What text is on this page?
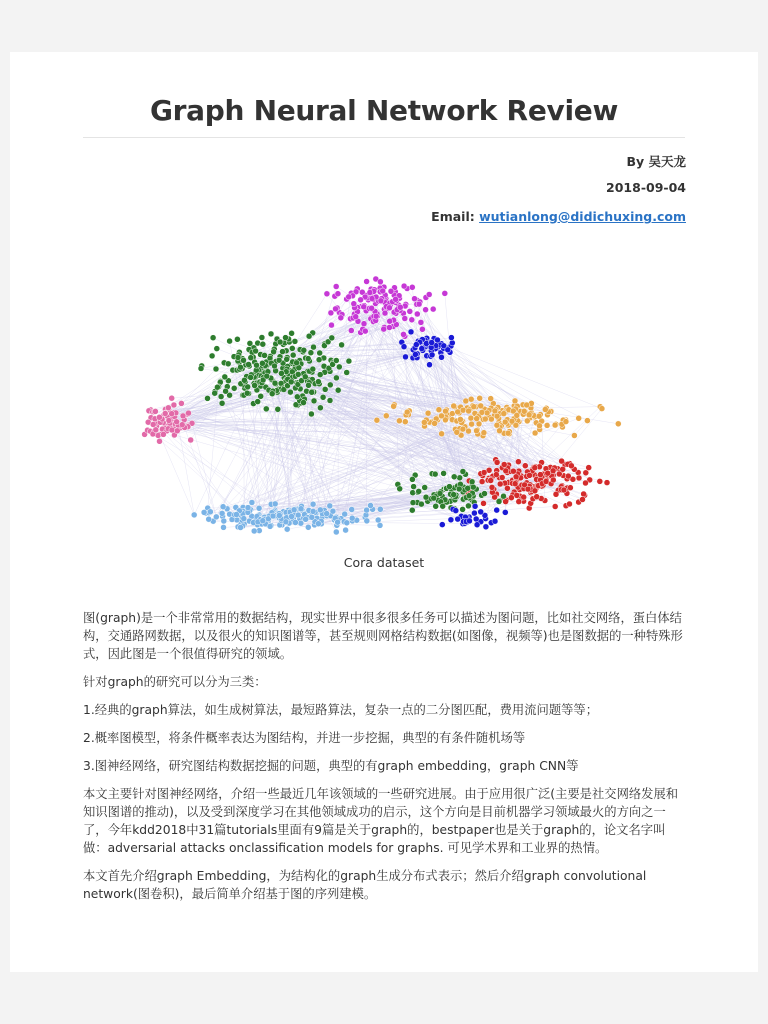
Graph Neural Network Review
By 吴天龙
2018-09-04
Email: wutianlong@didichuxing.com
Cora dataset

图(graph)是一个非常常用的数据结构，现实世界中很多很多任务可以描述为图问题，比如社交网络，蛋白体结构，交通路网数据，以及很火的知识图谱等，甚至规则网格结构数据(如图像，视频等)也是图数据的一种特殊形式，因此图是一个很值得研究的领域。

针对graph的研究可以分为三类：

1.经典的graph算法，如生成树算法，最短路算法，复杂一点的二分图匹配，费用流问题等等；

2.概率图模型，将条件概率表达为图结构，并进一步挖掘，典型的有条件随机场等

3.图神经网络，研究图结构数据挖掘的问题，典型的有graph embedding，graph CNN等

本文主要针对图神经网络，介绍一些最近几年该领域的一些研究进展。由于应用很广泛(主要是社交网络发展和知识图谱的推动)，以及受到深度学习在其他领域成功的启示，这个方向是目前机器学习领域最火的方向之一了，今年kdd2018中31篇tutorials里面有9篇是关于graph的，bestpaper也是关于graph的，论文名字叫做：adversarial attacks onclassification models for graphs. 可见学术界和工业界的热情。

本文首先介绍graph Embedding，为结构化的graph生成分布式表示；然后介绍graph convolutional network(图卷积)，最后简单介绍基于图的序列建模。
